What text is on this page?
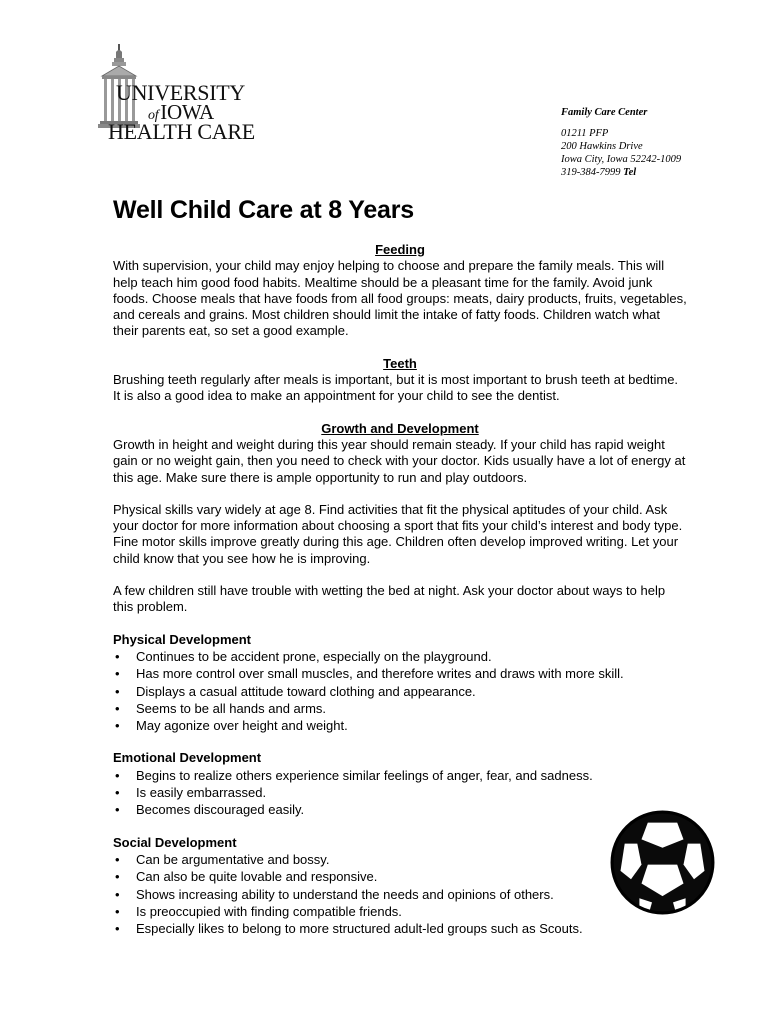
UNIVERSITY
ofIOWA
HEALTH CARE
Family Care Center
01211 PFP
200 Hawkins Drive
Iowa City, Iowa 52242-1009
319-384-7999 Tel
Well Child Care at 8 Years
Feeding

With supervision, your child may enjoy helping to choose and prepare the family meals. This will help teach him good food habits. Mealtime should be a pleasant time for the family. Avoid junk foods. Choose meals that have foods from all food groups: meats, dairy products, fruits, vegetables, and cereals and grains. Most children should limit the intake of fatty foods. Children watch what their parents eat, so set a good example.

Teeth

Brushing teeth regularly after meals is important, but it is most important to brush teeth at bedtime. It is also a good idea to make an appointment for your child to see the dentist.

Growth and Development

Growth in height and weight during this year should remain steady. If your child has rapid weight gain or no weight gain, then you need to check with your doctor. Kids usually have a lot of energy at this age. Make sure there is ample opportunity to run and play outdoors.

Physical skills vary widely at age 8. Find activities that fit the physical aptitudes of your child. Ask your doctor for more information about choosing a sport that fits your child’s interest and body type. Fine motor skills improve greatly during this age. Children often develop improved writing. Let your child know that you see how he is improving.

A few children still have trouble with wetting the bed at night. Ask your doctor about ways to help this problem.

Physical Development
• Continues to be accident prone, especially on the playground.
• Has more control over small muscles, and therefore writes and draws with more skill.
• Displays a casual attitude toward clothing and appearance.
• Seems to be all hands and arms.
• May agonize over height and weight.
Emotional Development
• Begins to realize others experience similar feelings of anger, fear, and sadness.
• Is easily embarrassed.
• Becomes discouraged easily.
Social Development
• Can be argumentative and bossy.
• Can also be quite lovable and responsive.
• Shows increasing ability to understand the needs and opinions of others.
• Is preoccupied with finding compatible friends.
• Especially likes to belong to more structured adult-led groups such as Scouts.
